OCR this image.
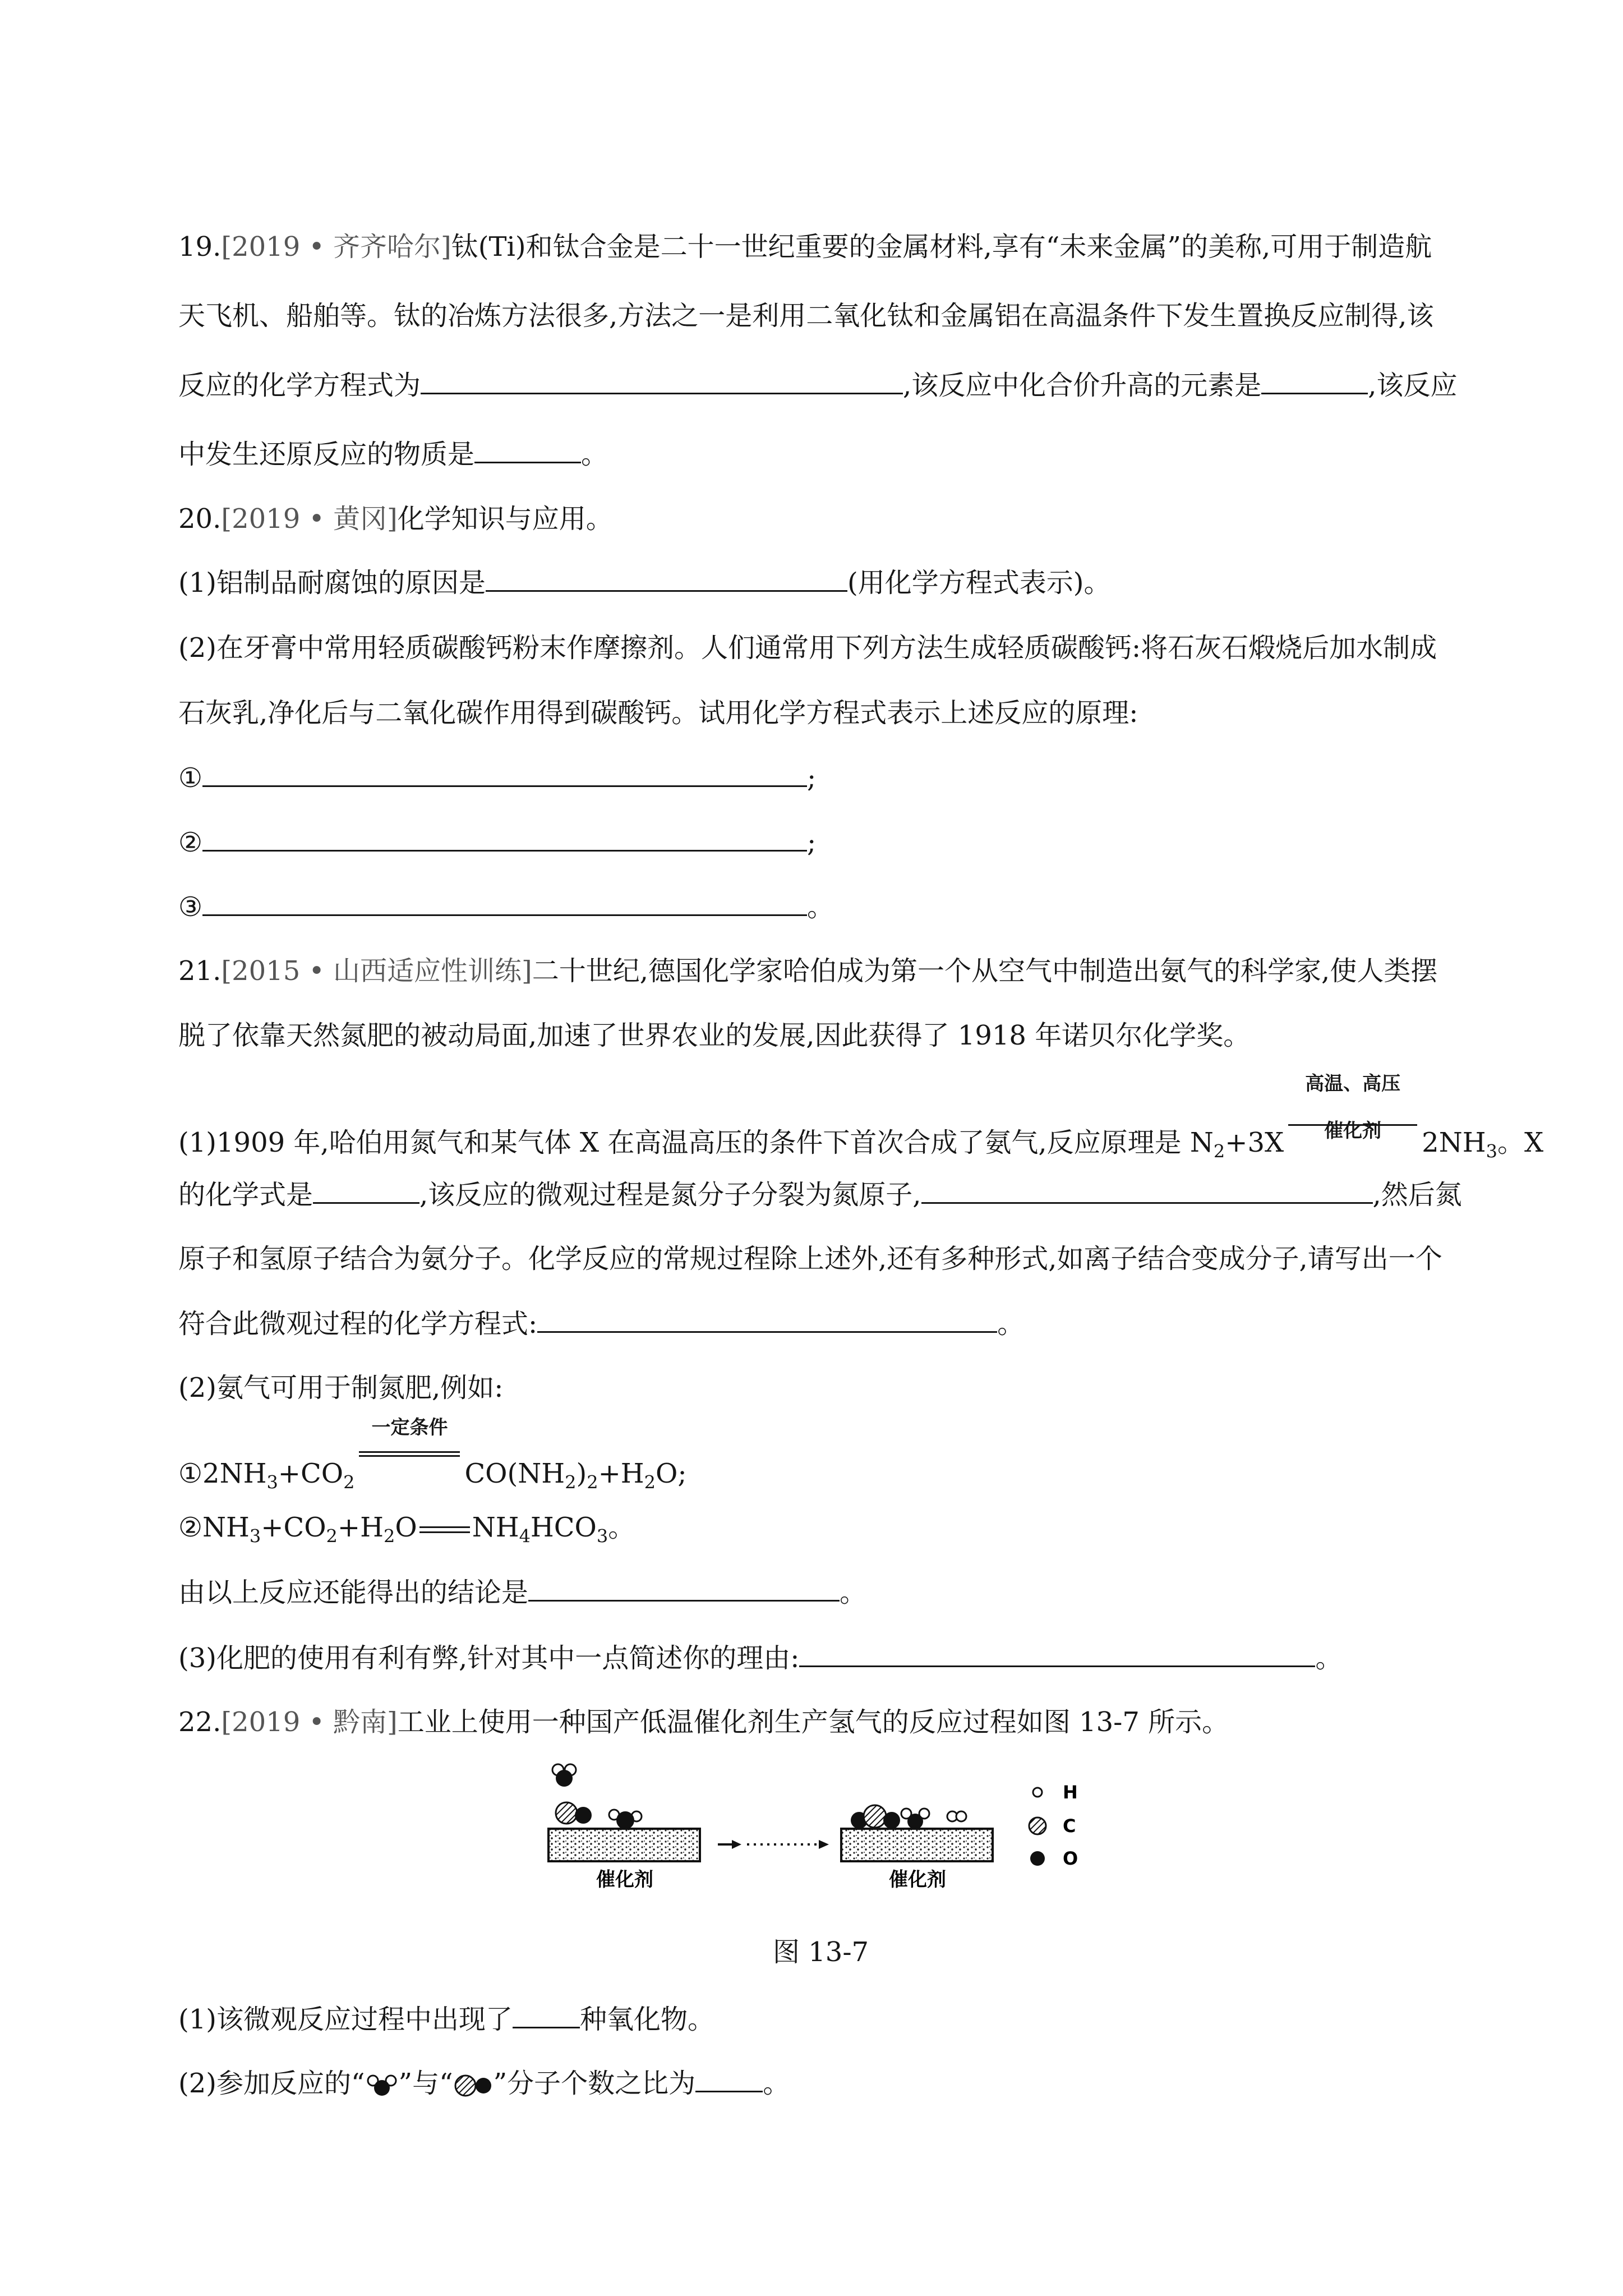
19.[2019 • 齐齐哈尔]钛(Ti)和钛合金是二十一世纪重要的金属材料,享有“未来金属”的美称,可用于制造航
天飞机、船舶等。钛的冶炼方法很多,方法之一是利用二氧化钛和金属铝在高温条件下发生置换反应制得,该
反应的化学方程式为	,该反应中化合价升高的元素是	,该反应
中发生还原反应的物质是	。
20.[2019 • 黄冈]化学知识与应用。
(1)铝制品耐腐蚀的原因是	(用化学方程式表示)。
(2)在牙膏中常用轻质碳酸钙粉末作摩擦剂。人们通常用下列方法生成轻质碳酸钙:将石灰石煅烧后加水制成
石灰乳,净化后与二氧化碳作用得到碳酸钙。试用化学方程式表示上述反应的原理:
①	;
②	;
③	。
21.[2015 • 山西适应性训练]二十世纪,德国化学家哈伯成为第一个从空气中制造出氨气的科学家,使人类摆
脱了依靠天然氮肥的被动局面,加速了世界农业的发展,因此获得了 1918 年诺贝尔化学奖。
(1)1909 年,哈伯用氮气和某气体 X 在高温高压的条件下首次合成了氨气,反应原理是 $N_2+3X$
高温、高压
催化剂	$2NH_3$。X
的化学式是	,该反应的微观过程是氮分子分裂为氮原子,	,然后氮
原子和氢原子结合为氨分子。化学反应的常规过程除上述外,还有多种形式,如离子结合变成分子,请写出一个
符合此微观过程的化学方程式:	。
(2)氨气可用于制氮肥,例如:
$①2NH_3+CO_2$
一定条件
$CO(NH_2)_2+H_2O$;
$②NH_3+CO_2+H_2O$ $NH_4HCO_3$。
由以上反应还能得出的结论是	。
(3)化肥的使用有利有弊,针对其中一点简述你的理由:	。
22.[2019 • 黔南]工业上使用一种国产低温催化剂生产氢气的反应过程如图 13-7 所示。
催化剂	催化剂
H
C
O
图 13-7
(1)该微观反应过程中出现了	种氧化物。
(2)参加反应的“ ”与“ ”分子个数之比为	。
